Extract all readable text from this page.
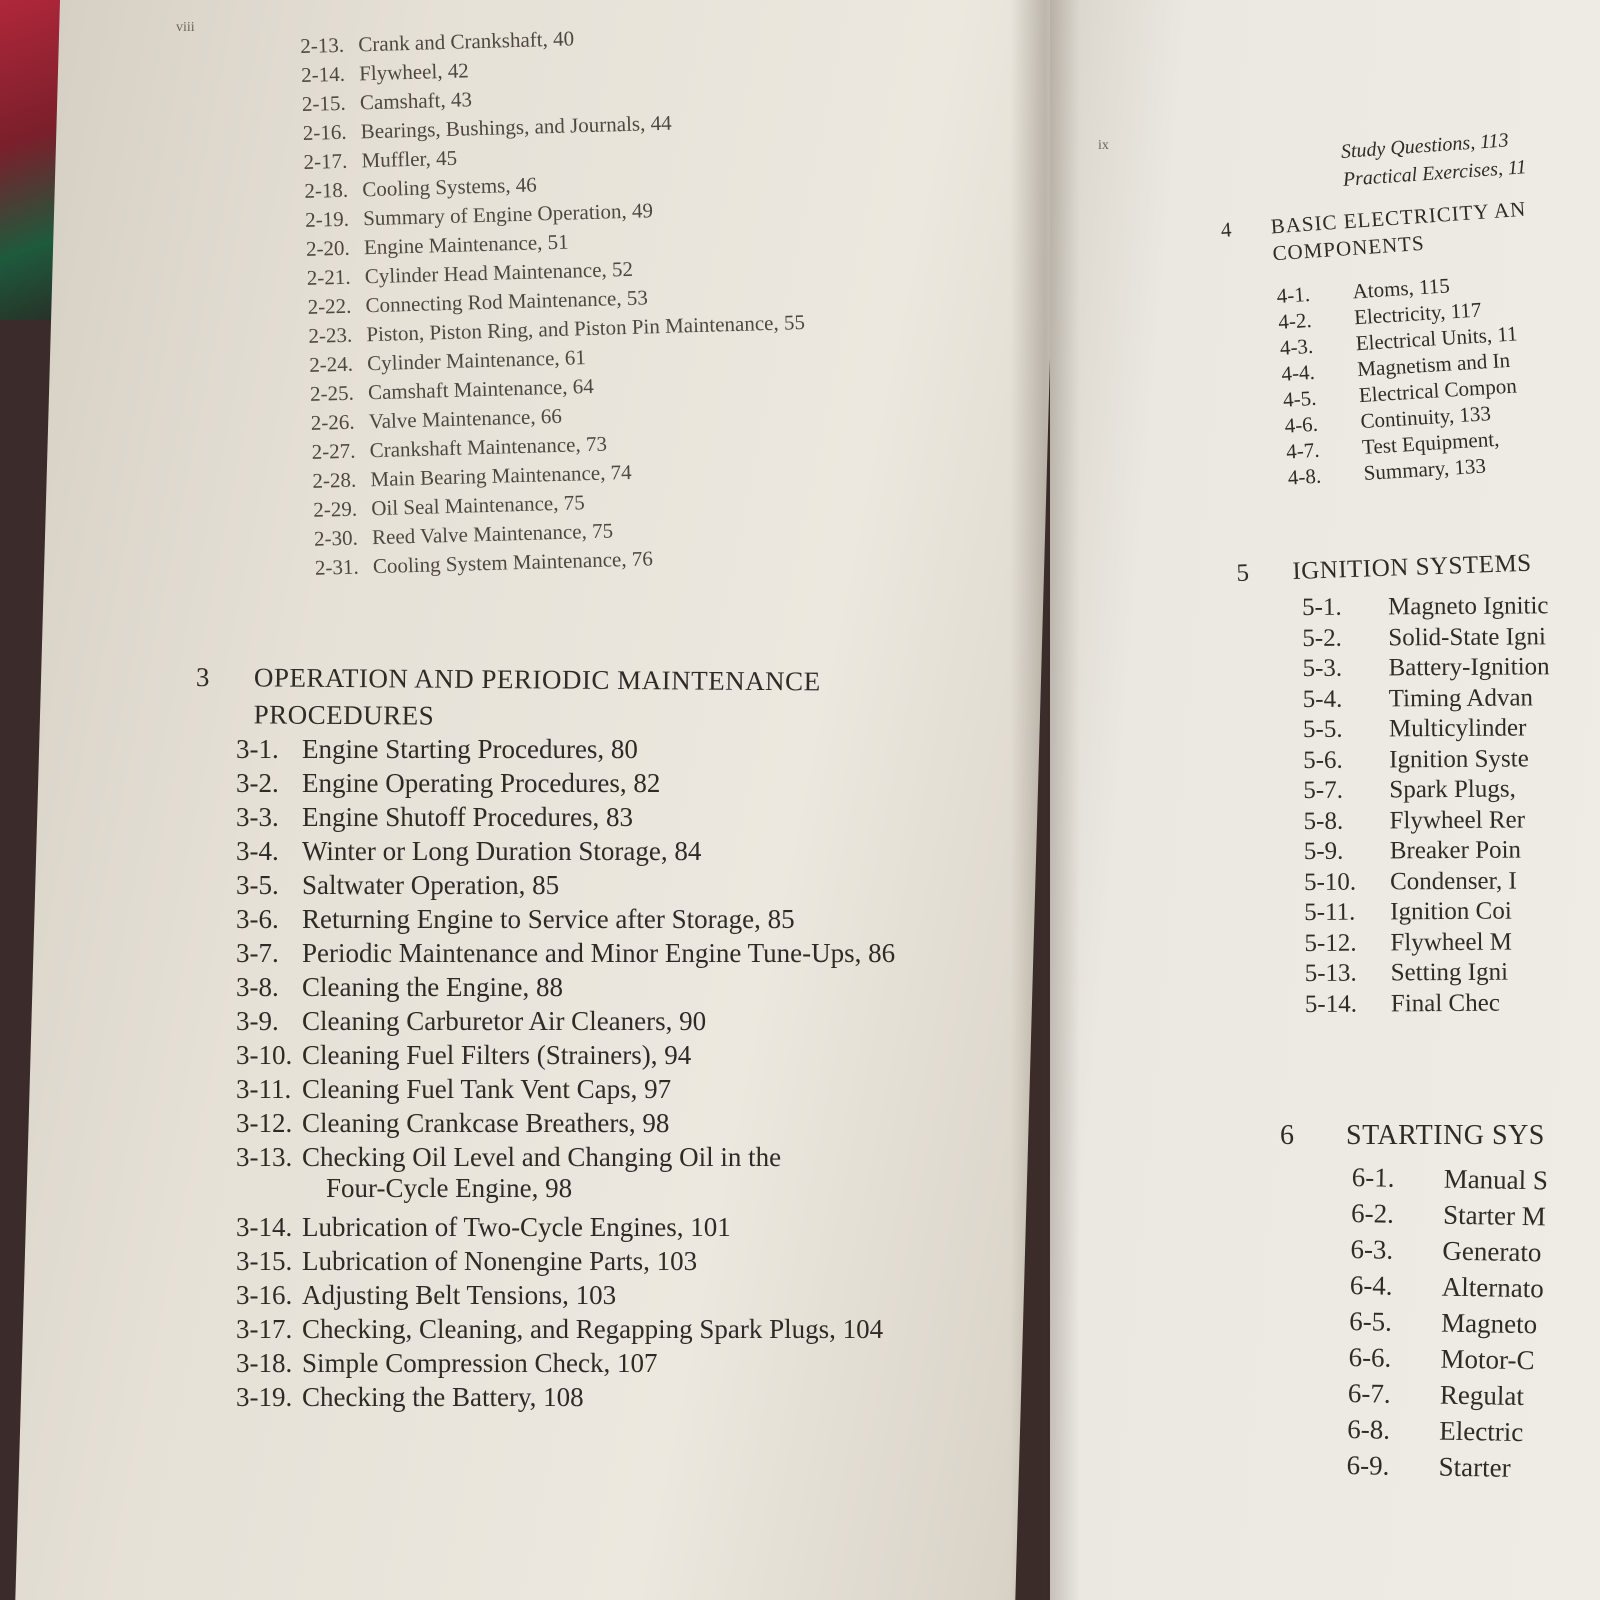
viii
2-13. Crank and Crankshaft, 40
2-14. Flywheel, 42
2-15. Camshaft, 43
2-16. Bearings, Bushings, and Journals, 44
2-17. Muffler, 45
2-18. Cooling Systems, 46
2-19. Summary of Engine Operation, 49
2-20. Engine Maintenance, 51
2-21. Cylinder Head Maintenance, 52
2-22. Connecting Rod Maintenance, 53
2-23. Piston, Piston Ring, and Piston Pin Maintenance, 55
2-24. Cylinder Maintenance, 61
2-25. Camshaft Maintenance, 64
2-26. Valve Maintenance, 66
2-27. Crankshaft Maintenance, 73
2-28. Main Bearing Maintenance, 74
2-29. Oil Seal Maintenance, 75
2-30. Reed Valve Maintenance, 75
2-31. Cooling System Maintenance, 76
3 OPERATION AND PERIODIC MAINTENANCE
PROCEDURES
3-1. Engine Starting Procedures, 80
3-2. Engine Operating Procedures, 82
3-3. Engine Shutoff Procedures, 83
3-4. Winter or Long Duration Storage, 84
3-5. Saltwater Operation, 85
3-6. Returning Engine to Service after Storage, 85
3-7. Periodic Maintenance and Minor Engine Tune-Ups, 86
3-8. Cleaning the Engine, 88
3-9. Cleaning Carburetor Air Cleaners, 90
3-10. Cleaning Fuel Filters (Strainers), 94
3-11. Cleaning Fuel Tank Vent Caps, 97
3-12. Cleaning Crankcase Breathers, 98
3-13. Checking Oil Level and Changing Oil in the
Four-Cycle Engine, 98
3-14. Lubrication of Two-Cycle Engines, 101
3-15. Lubrication of Nonengine Parts, 103
3-16. Adjusting Belt Tensions, 103
3-17. Checking, Cleaning, and Regapping Spark Plugs, 104
3-18. Simple Compression Check, 107
3-19. Checking the Battery, 108
ix	Study Questions, 113
Practical Exercises, 11
4 BASIC ELECTRICITY AN
COMPONENTS
4-1. Atoms, 115
4-2. Electricity, 117
4-3. Electrical Units, 11
4-4. Magnetism and In
4-5. Electrical Compon
4-6. Continuity, 133
4-7. Test Equipment,
4-8. Summary, 133
5 IGNITION SYSTEMS
5-1. Magneto Ignitic
5-2. Solid-State Igni
5-3. Battery-Ignition
5-4. Timing Advan
5-5. Multicylinder
5-6. Ignition Syste
5-7. Spark Plugs,
5-8. Flywheel Rer
5-9. Breaker Poin
5-10. Condenser, I
5-11. Ignition Coi
5-12. Flywheel M
5-13. Setting Igni
5-14. Final Chec
6 STARTING SYS
6-1. Manual S
6-2. Starter M
6-3. Generato
6-4. Alternato
6-5. Magneto
6-6. Motor-C
6-7. Regulat
6-8. Electric
6-9. Starter
